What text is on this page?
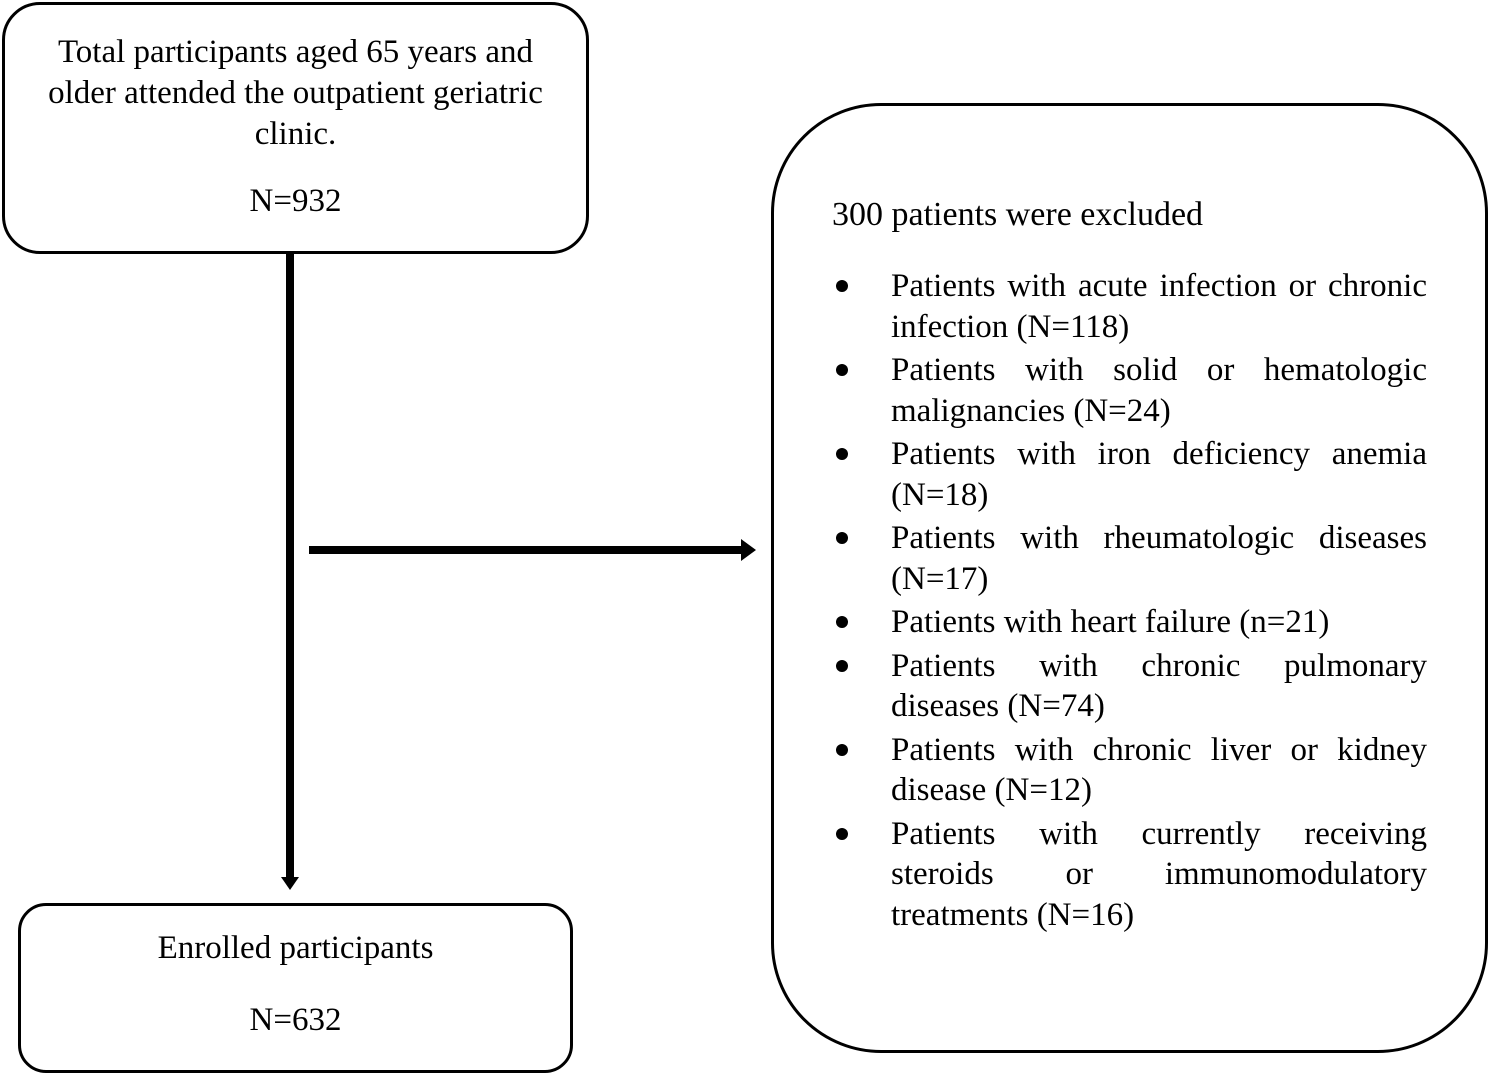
Total participants aged 65 years and older attended the outpatient geriatric clinic.
N=932
Enrolled participants
N=632
300 patients were excluded
Patients with acute infection or chronic infection (N=118)
Patients with solid or hematologic malignancies (N=24)
Patients with iron deficiency anemia (N=18)
Patients with rheumatologic diseases (N=17)
Patients with heart failure (n=21)
Patients with chronic pulmonary diseases (N=74)
Patients with chronic liver or kidney disease (N=12)
Patients with currently receiving steroids or immunomodulatory treatments (N=16)
